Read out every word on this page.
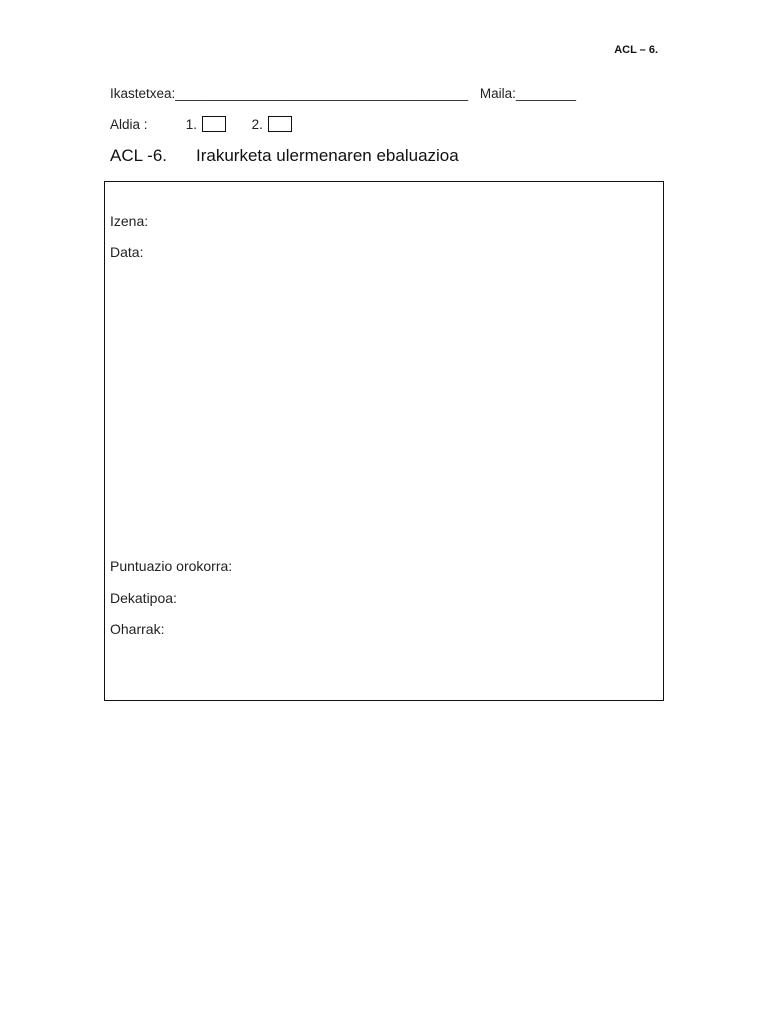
ACL – 6.
Ikastetxea:_______________________________________ Maila:________
Aldia :	1.	2.
ACL -6. Irakurketa ulermenaren ebaluazioa
Izena:
Data:
Puntuazio orokorra:
Dekatipoa:
Oharrak:
